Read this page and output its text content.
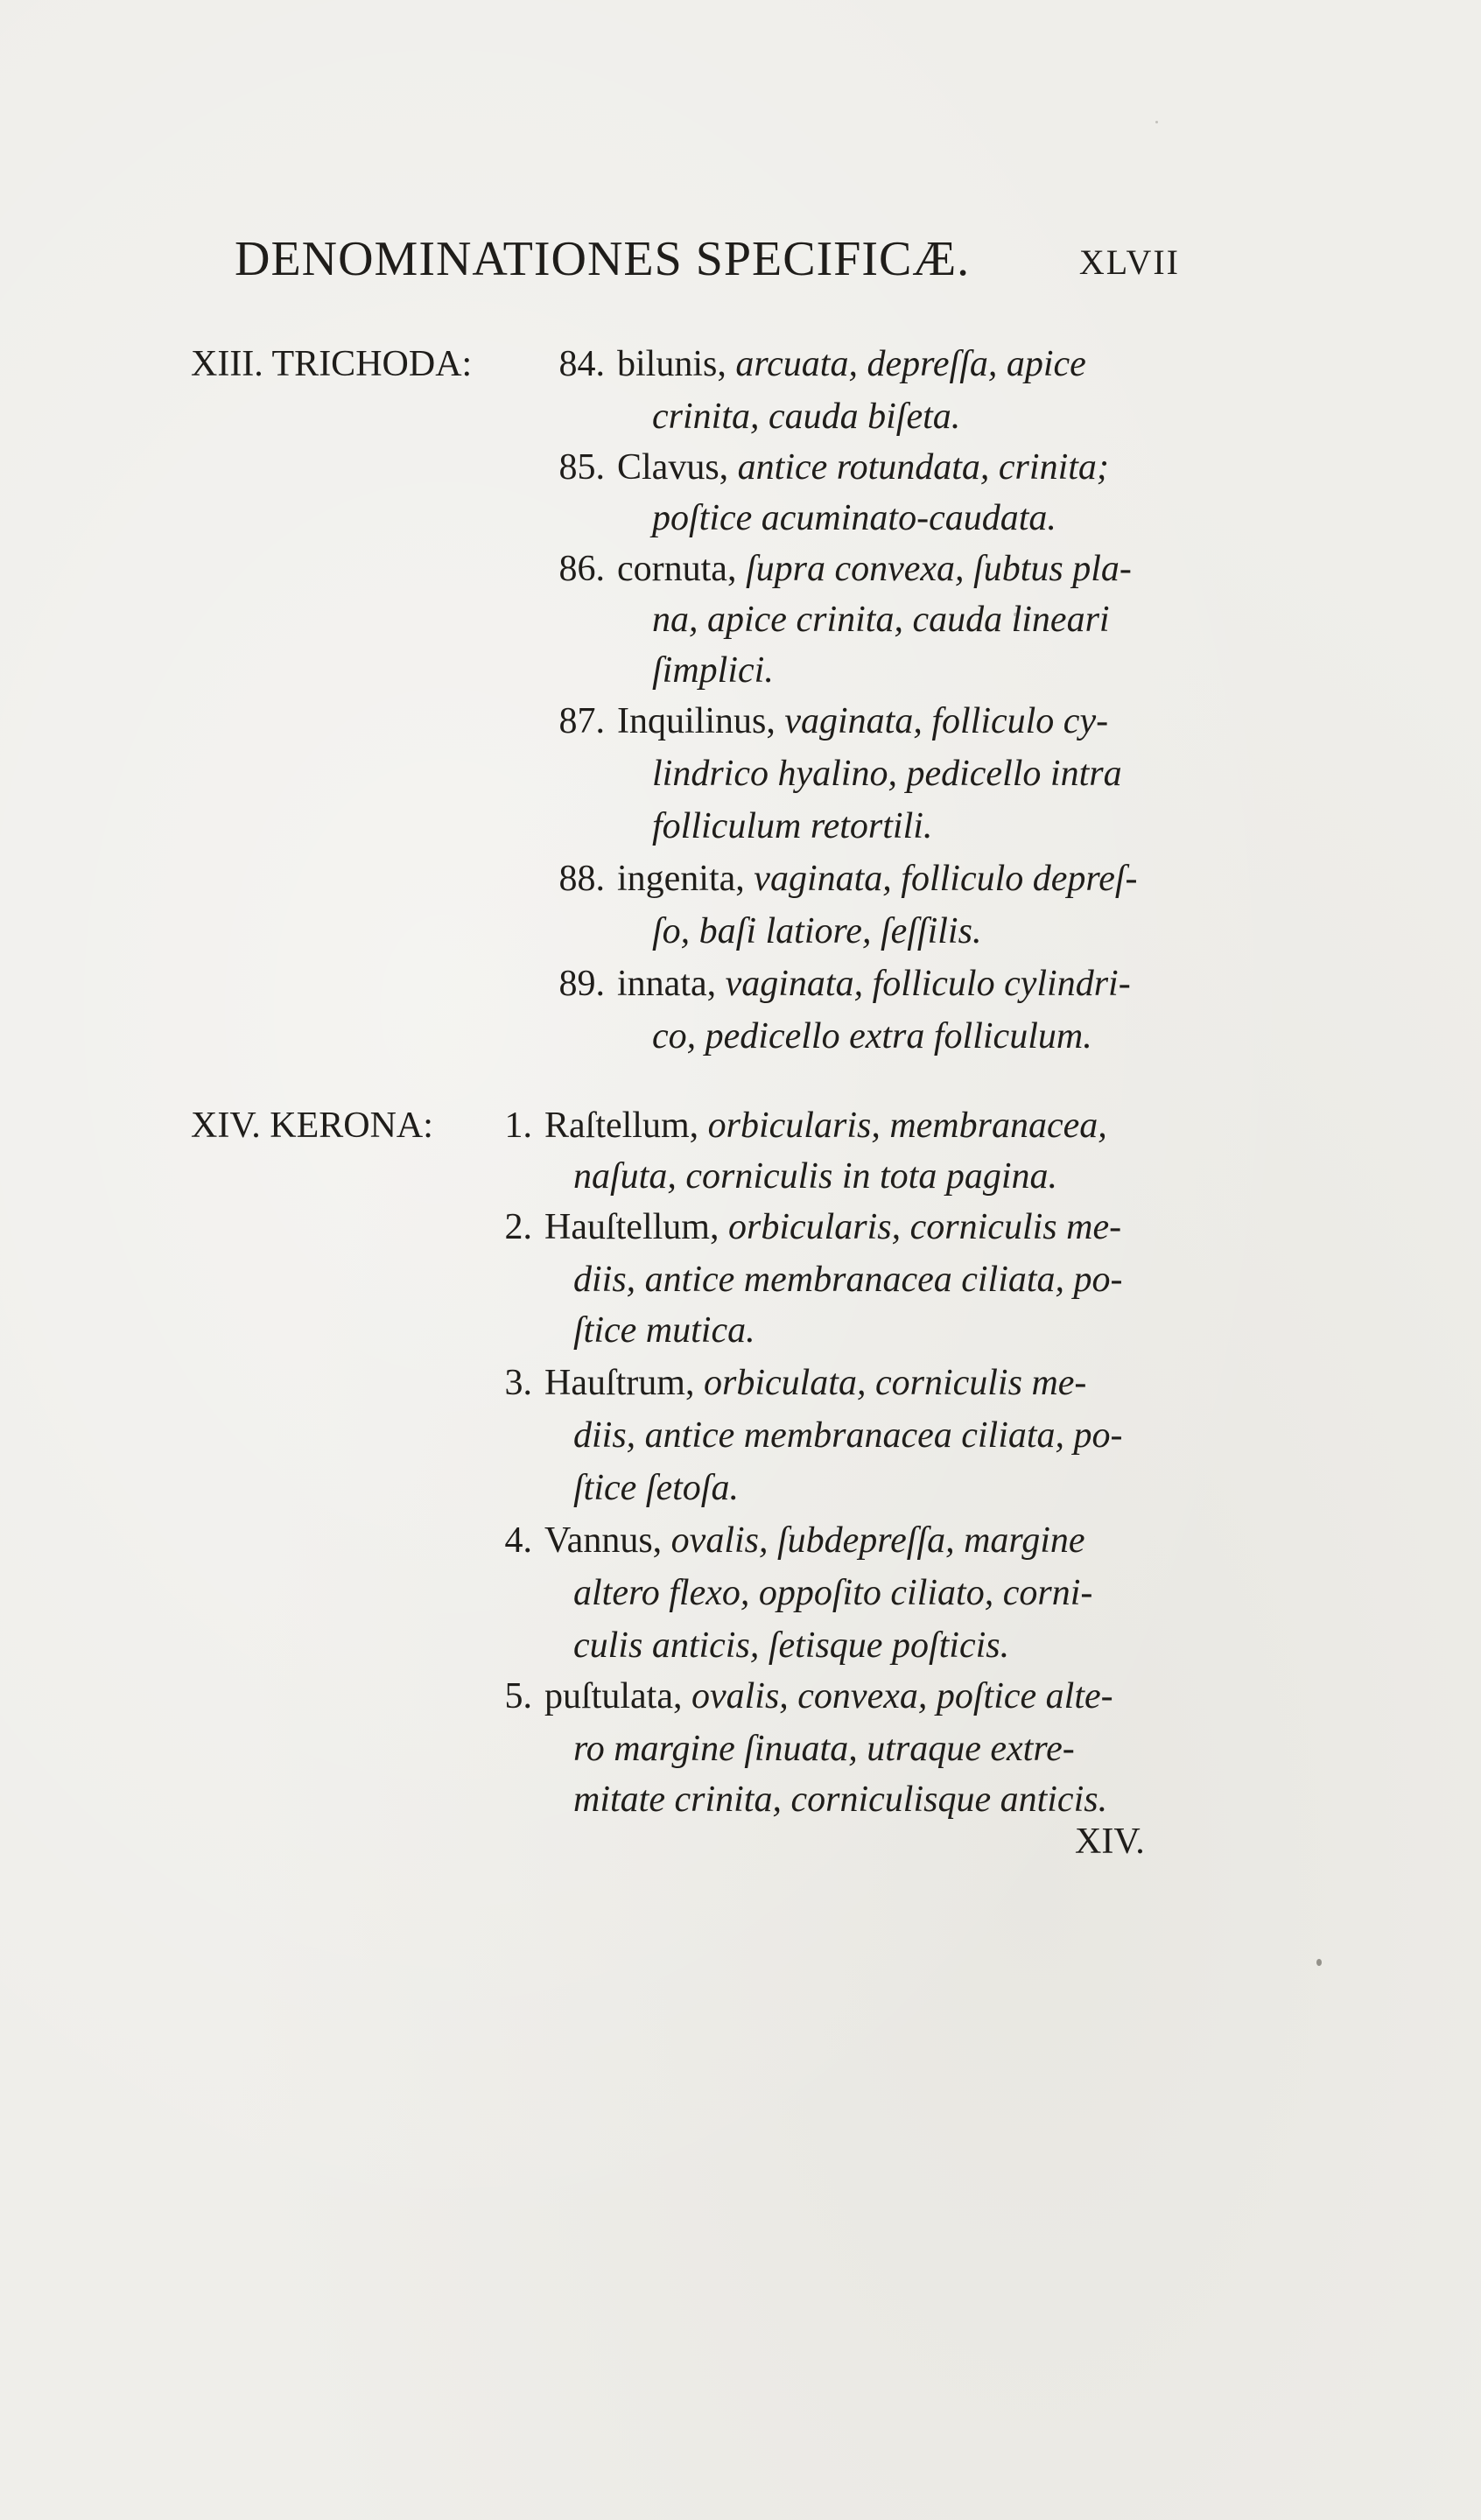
DENOMINATIONES SPECIFICÆ.	XLVII
XIII. TRICHODA: 84. bilunis, arcuata, depreſſa, apice
crinita, cauda biſeta.
85. Clavus, antice rotundata, crinita;
poſtice acuminato-caudata.
86. cornuta, ſupra convexa, ſubtus pla-
na, apice crinita, cauda lineari
ſimplici.
87. Inquilinus, vaginata, folliculo cy-
lindrico hyalino, pedicello intra
folliculum retortili.
88. ingenita, vaginata, folliculo depreſ-
ſo, baſi latiore, ſeſſilis.
89. innata, vaginata, folliculo cylindri-
co, pedicello extra folliculum.
XIV. KERONA: 1. Raſtellum, orbicularis, membranacea,
naſuta, corniculis in tota pagina.
2. Hauſtellum, orbicularis, corniculis me-
diis, antice membranacea ciliata, po-
ſtice mutica.
3. Hauſtrum, orbiculata, corniculis me-
diis, antice membranacea ciliata, po-
ſtice ſetoſa.
4. Vannus, ovalis, ſubdepreſſa, margine
altero flexo, oppoſito ciliato, corni-
culis anticis, ſetisque poſticis.
5. puſtulata, ovalis, convexa, poſtice alte-
ro margine ſinuata, utraque extre-
mitate crinita, corniculisque anticis.
XIV.
